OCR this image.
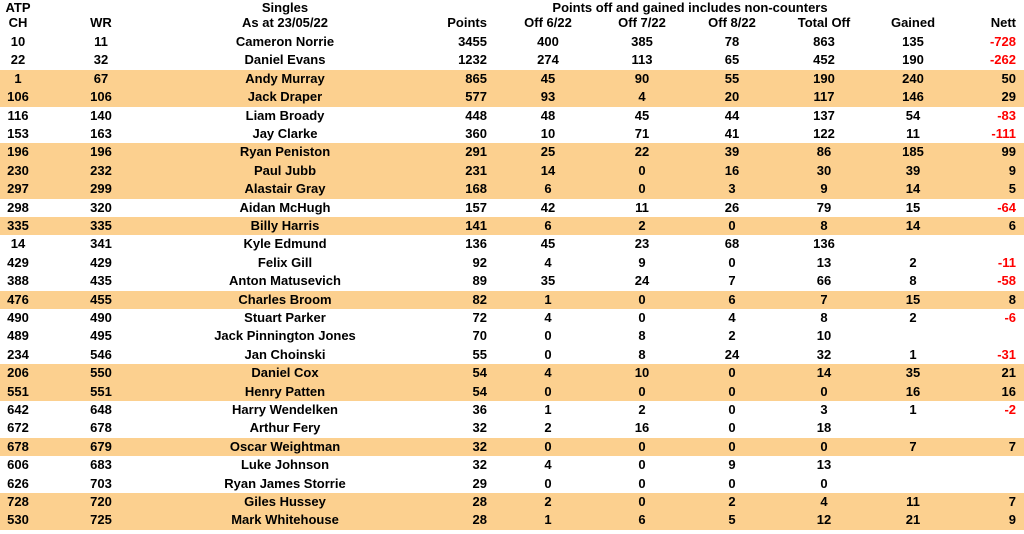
ATP	Singles	Points off and gained includes non-counters
CH	WR	As at 23/05/22	Points	Off 6/22	Off 7/22	Off 8/22	Total Off	Gained	Nett
10	11	Cameron Norrie	3455	400	385	78	863	135	-728
22	32	Daniel Evans	1232	274	113	65	452	190	-262
1	67	Andy Murray	865	45	90	55	190	240	50
106	106	Jack Draper	577	93	4	20	117	146	29
116	140	Liam Broady	448	48	45	44	137	54	-83
153	163	Jay Clarke	360	10	71	41	122	11	-111
196	196	Ryan Peniston	291	25	22	39	86	185	99
230	232	Paul Jubb	231	14	0	16	30	39	9
297	299	Alastair Gray	168	6	0	3	9	14	5
298	320	Aidan McHugh	157	42	11	26	79	15	-64
335	335	Billy Harris	141	6	2	0	8	14	6
14	341	Kyle Edmund	136	45	23	68	136
429	429	Felix Gill	92	4	9	0	13	2	-11
388	435	Anton Matusevich	89	35	24	7	66	8	-58
476	455	Charles Broom	82	1	0	6	7	15	8
490	490	Stuart Parker	72	4	0	4	8	2	-6
489	495	Jack Pinnington Jones	70	0	8	2	10
234	546	Jan Choinski	55	0	8	24	32	1	-31
206	550	Daniel Cox	54	4	10	0	14	35	21
551	551	Henry Patten	54	0	0	0	0	16	16
642	648	Harry Wendelken	36	1	2	0	3	1	-2
672	678	Arthur Fery	32	2	16	0	18
678	679	Oscar Weightman	32	0	0	0	0	7	7
606	683	Luke Johnson	32	4	0	9	13
626	703	Ryan James Storrie	29	0	0	0	0
728	720	Giles Hussey	28	2	0	2	4	11	7
530	725	Mark Whitehouse	28	1	6	5	12	21	9
